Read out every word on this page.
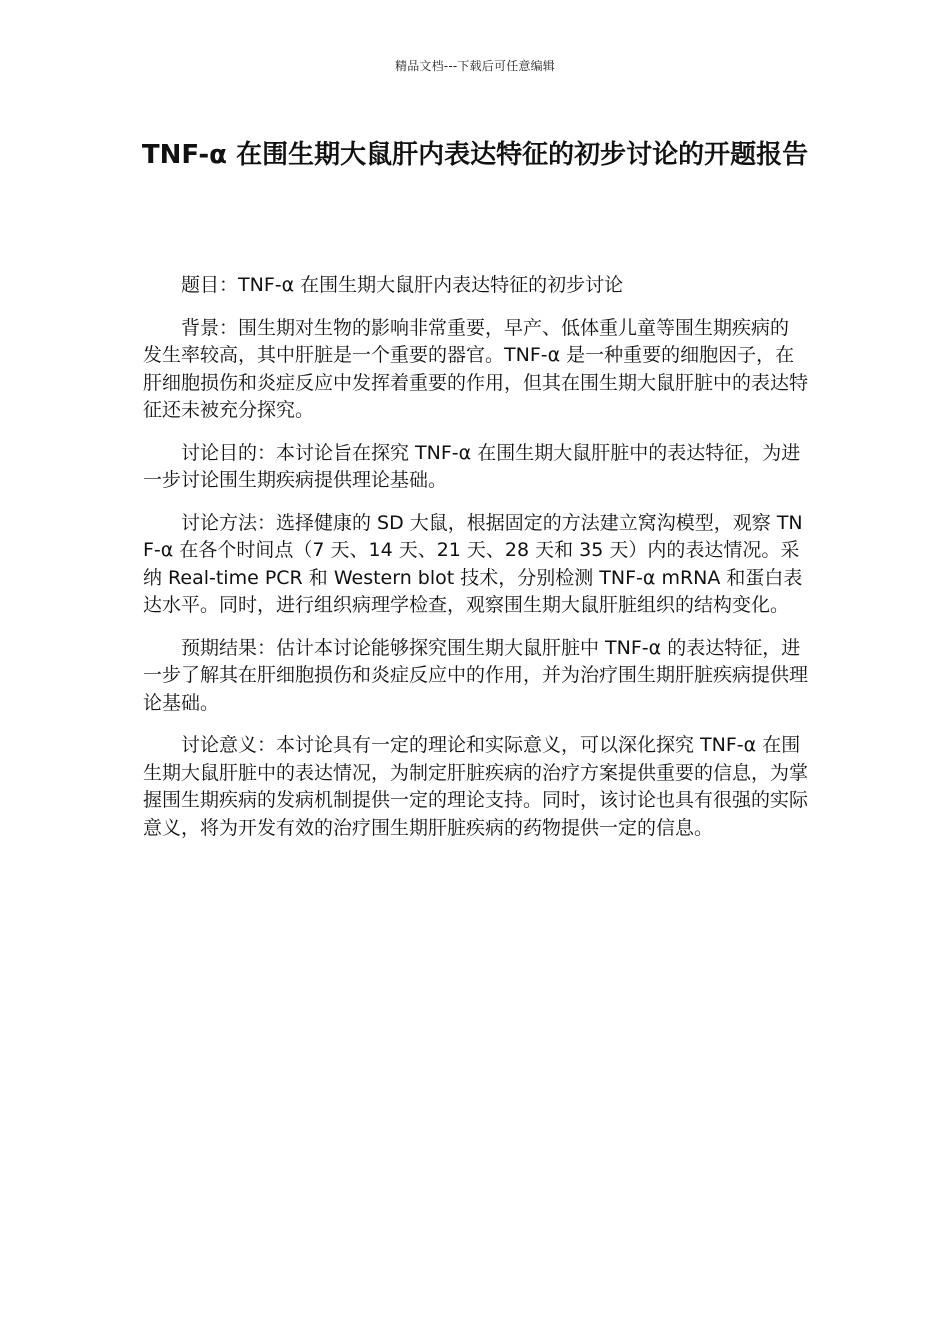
精品文档---下载后可任意编辑
TNF-α 在围生期大鼠肝内表达特征的初步讨论的开题报告

题目：TNF-α 在围生期大鼠肝内表达特征的初步讨论

背景：围生期对生物的影响非常重要，早产、低体重儿童等围生期疾病的发生率较高，其中肝脏是一个重要的器官。TNF-α 是一种重要的细胞因子，在肝细胞损伤和炎症反应中发挥着重要的作用，但其在围生期大鼠肝脏中的表达特征还未被充分探究。

讨论目的：本讨论旨在探究 TNF-α 在围生期大鼠肝脏中的表达特征，为进一步讨论围生期疾病提供理论基础。

讨论方法：选择健康的 SD 大鼠，根据固定的方法建立窝沟模型，观察 TNF-α 在各个时间点（7 天、14 天、21 天、28 天和 35 天）内的表达情况。采纳 Real-time PCR 和 Western blot 技术，分别检测 TNF-α mRNA 和蛋白表达水平。同时，进行组织病理学检查，观察围生期大鼠肝脏组织的结构变化。

预期结果：估计本讨论能够探究围生期大鼠肝脏中 TNF-α 的表达特征，进一步了解其在肝细胞损伤和炎症反应中的作用，并为治疗围生期肝脏疾病提供理论基础。

讨论意义：本讨论具有一定的理论和实际意义，可以深化探究 TNF-α 在围生期大鼠肝脏中的表达情况，为制定肝脏疾病的治疗方案提供重要的信息，为掌握围生期疾病的发病机制提供一定的理论支持。同时，该讨论也具有很强的实际意义，将为开发有效的治疗围生期肝脏疾病的药物提供一定的信息。
